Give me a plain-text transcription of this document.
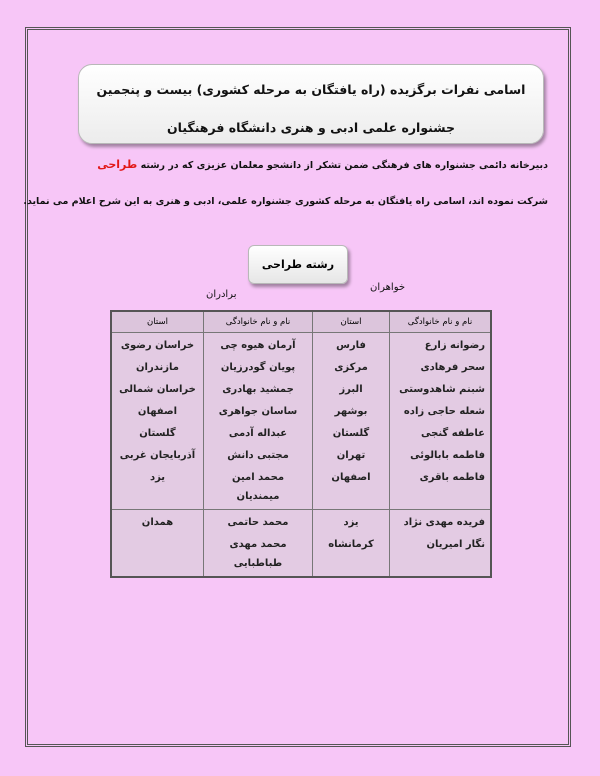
اسامی نفرات برگزیده (راه یافتگان به مرحله کشوری) بیست و پنجمین
جشنواره علمی ادبی و هنری دانشگاه فرهنگیان
دبیرخانه دائمی جشنواره های فرهنگی ضمن تشکر از دانشجو معلمان عزیزی که در رشته طراحی
شرکت نموده اند، اسامی راه یافتگان به مرحله کشوری جشنواره علمی، ادبی و هنری به این شرح اعلام می نماید.
رشته طراحی
خواهران
برادران
نام و نام خانوادگی	استان	نام و نام خانوادگی	استان
رضوانه زارع	فارس	آرمان هیوه چی	خراسان رضوی
سحر فرهادی	مرکزی	پویان گودرزیان	مازندران
شبنم شاهدوستی	البرز	جمشید بهادری	خراسان شمالی
شعله حاجی زاده	بوشهر	ساسان جواهری	اصفهان
عاطفه گنجی	گلستان	عبداله آدمی	گلستان
فاطمه بابالوئی	تهران	مجتبی دانش	آذربایجان غربی
فاطمه باقری	اصفهان	محمد امین میمندیان	یزد
فریده مهدی نژاد	یزد	محمد حاتمی	همدان
نگار امیریان	کرمانشاه	محمد مهدی طباطبایی	
